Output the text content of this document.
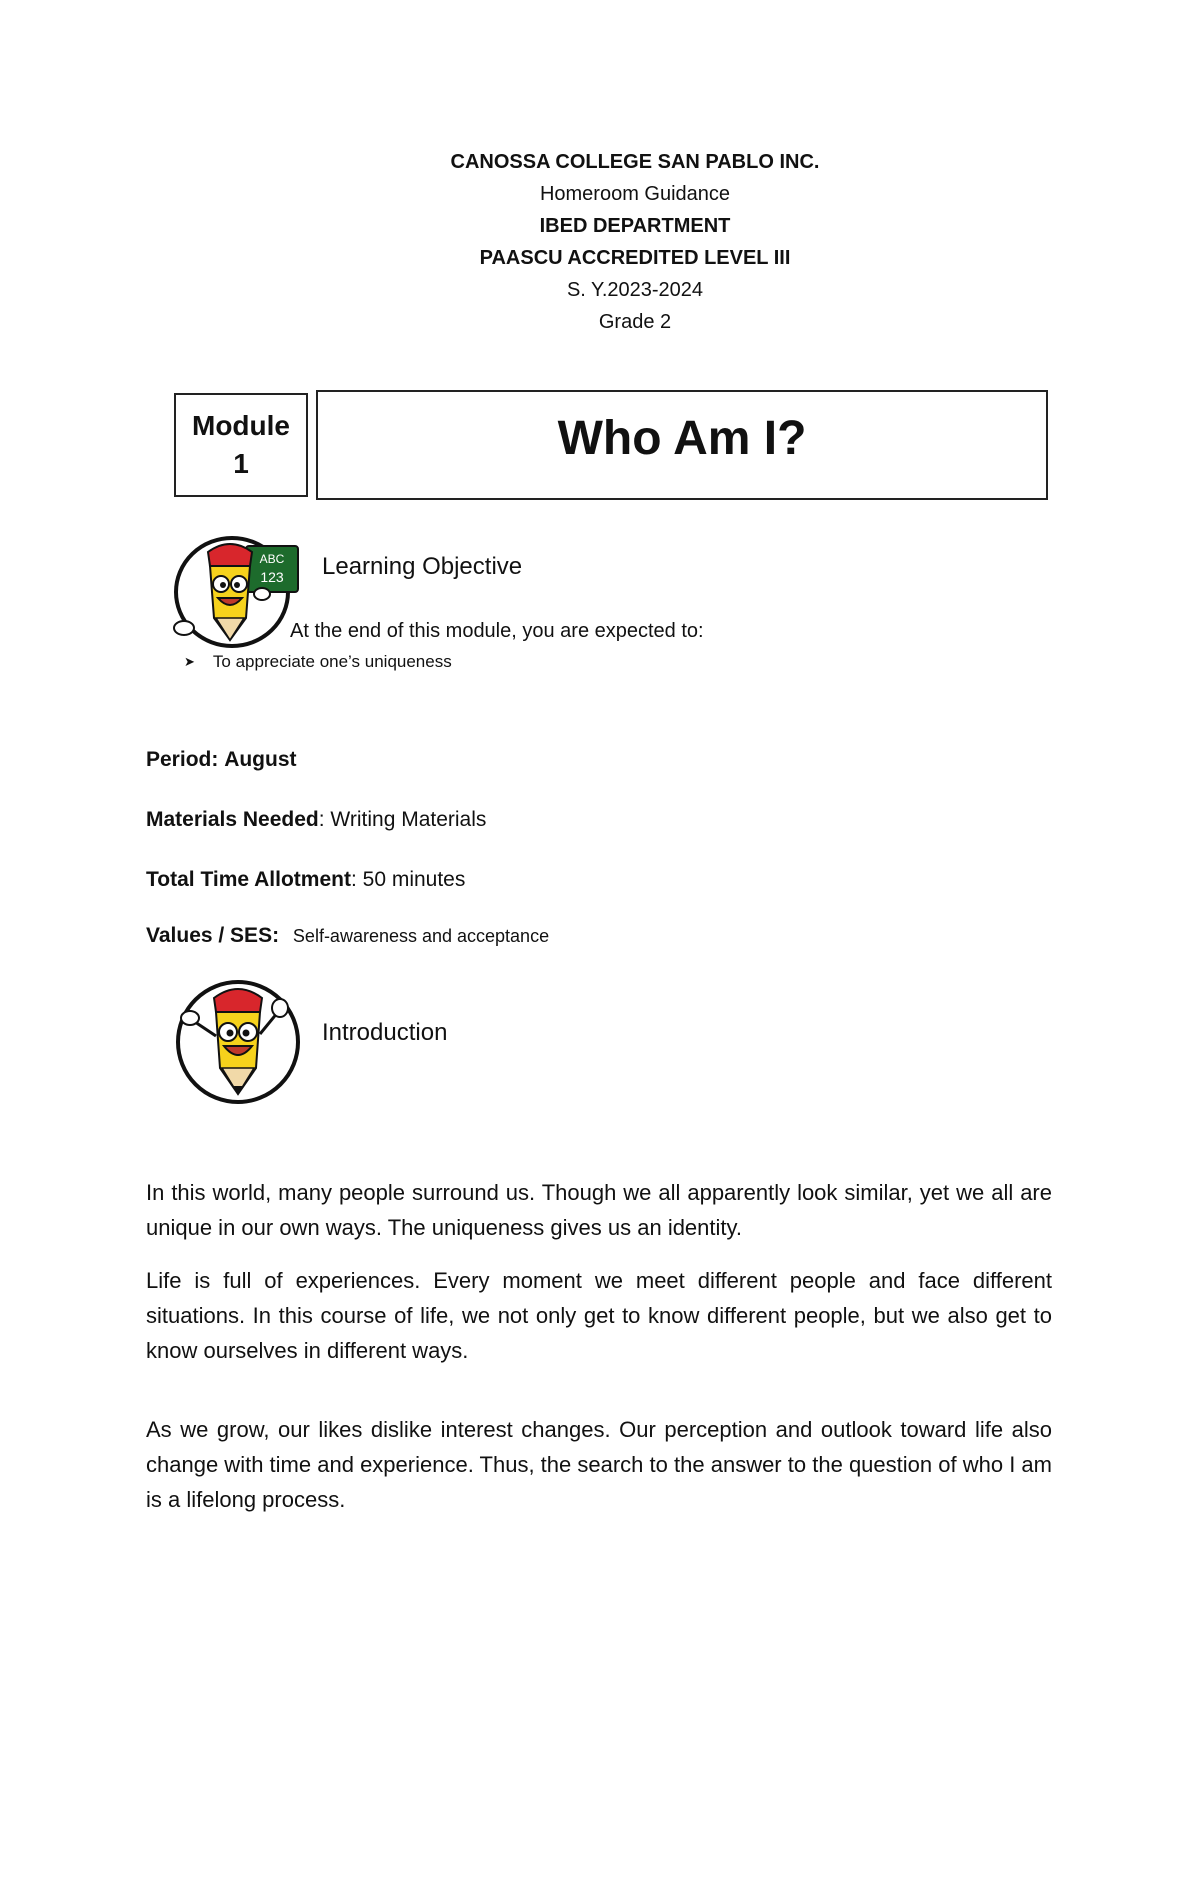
CANOSSA COLLEGE SAN PABLO INC.
Homeroom Guidance
IBED DEPARTMENT
PAASCU ACCREDITED LEVEL III
S. Y.2023-2024
Grade 2
Module
1	Who Am I?
ABC
123 Learning Objective
At the end of this module, you are expected to:
➤ To appreciate one’s uniqueness
Period: August
Materials Needed: Writing Materials
Total Time Allotment: 50 minutes
Values / SES: Self-awareness and acceptance
Introduction

In this world, many people surround us. Though we all apparently look similar, yet we all are unique in our own ways. The uniqueness gives us an identity.

Life is full of experiences. Every moment we meet different people and face different situations. In this course of life, we not only get to know different people, but we also get to know ourselves in different ways.

As we grow, our likes dislike interest changes. Our perception and outlook toward life also change with time and experience. Thus, the search to the answer to the question of who I am is a lifelong process.
